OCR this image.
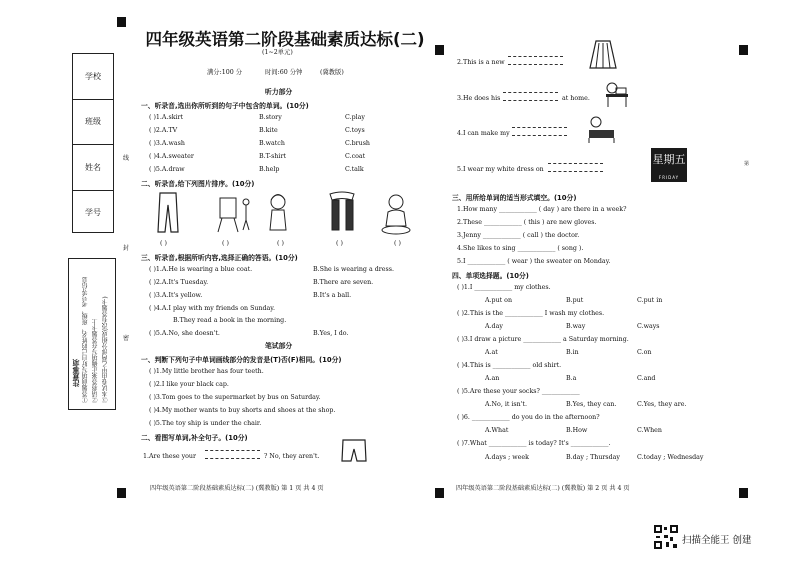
学校
班级
姓名
学号
线
封
密
注意事项 ①答题前填写好自己的姓名、班级、考号等信息 ②请将答案正确填写在答题卡上 ③本试卷由甲乙两部分组成(没有答题卡)
四年级英语第二阶段基础素质达标(二)
(1~2单元)
满分:100 分	时间:60 分钟	(冀教版)
听力部分
一、听录音,选出你所听到的句子中包含的单词。(10分)
( )1.A.skirt	B.story	C.play
( )2.A.TV	B.kite	C.toys
( )3.A.wash	B.watch	C.brush
( )4.A.sweater	B.T-shirt	C.coat
( )5.A.draw	B.help	C.talk
二、听录音,给下列图片排序。(10分)
( )	( )	( )	( )	( )
三、听录音,根据所听内容,选择正确的答语。(10分)
( )1.A.He is wearing a blue coat.	B.She is wearing a dress.
( )2.A.It's Tuesday.	B.There are seven.
( )3.A.It's yellow.	B.It's a ball.
( )4.A.I play with my friends on Sunday.
B.They read a book in the morning.
( )5.A.No, she doesn't.	B.Yes, I do.
笔试部分
一、判断下列句子中单词画线部分的发音是(T)否(F)相同。(10分)
( )1.My little brother has four teeth.
( )2.I like your black cap.
( )3.Tom goes to the supermarket by bus on Saturday.
( )4.My mother wants to buy shorts and shoes at the shop.
( )5.The toy ship is under the chair.
二、看图写单词,补全句子。(10分)
1.Are these your	? No, they aren't.
四年级英语第二阶段基础素质达标(二) (冀教版) 第 1 页 共 4 页
2.This is a new
3.He does his	at home.
4.I can make my
5.I wear my white dress on
星期五
FRIDAY
三、用所给单词的适当形式填空。(10分)
1.How many ____________ ( day ) are there in a week?
2.These ____________ ( this ) are new gloves.
3.Jenny ____________ ( call ) the doctor.
4.She likes to sing ____________ ( song ).
5.I ____________ ( wear ) the sweater on Monday.
四、单项选择题。(10分)
( )1.I ____________ my clothes.
A.put on	B.put	C.put in
( )2.This is the ____________ I wash my clothes.
A.day	B.way	C.ways
( )3.I draw a picture ____________ a Saturday morning.
A.at	B.in	C.on
( )4.This is ____________ old shirt.
A.an	B.a	C.and
( )5.Are these your socks? ____________
A.No, it isn't.	B.Yes, they can.	C.Yes, they are.
( )6. ____________ do you do in the afternoon?
A.What	B.How	C.When
( )7.What ____________ is today? It's ____________.
A.days ; week	B.day ; Thursday	C.today ; Wednesday
四年级英语第二阶段基础素质达标(二) (冀教版) 第 2 页 共 4 页
第
扫描全能王 创建
